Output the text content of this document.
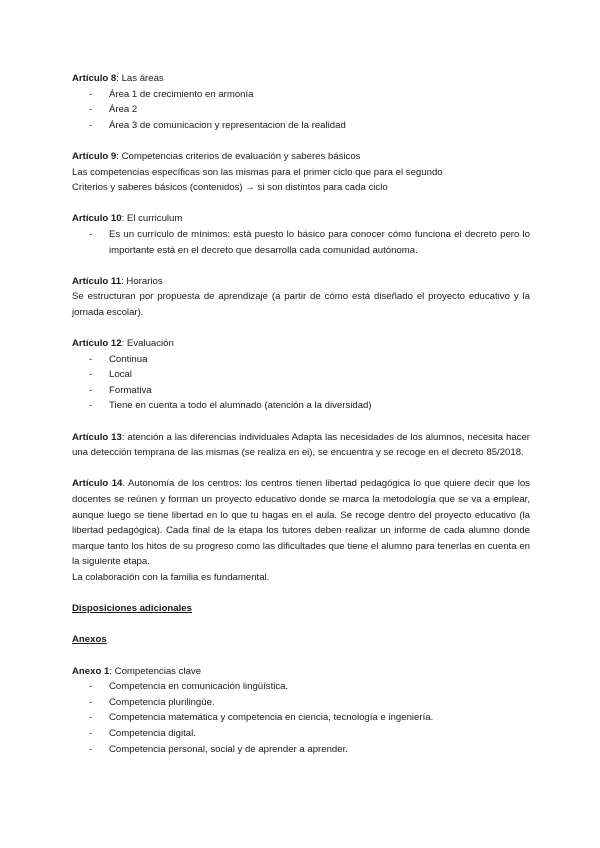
Artículo 8: Las áreas

- Área 1 de crecimiento en armonía
- Área 2
- Área 3 de comunicacion y representacion de la realidad

Artículo 9: Competencias criterios de evaluación y saberes básicos

Las competencias específicas son las mismas para el primer ciclo que para el segundo

Criterios y saberes básicos (contenidos) → si son distintos para cada ciclo

Artículo 10: El curriculum

- Es un currículo de mínimos: está puesto lo básico para conocer cómo funciona el decreto pero lo importante está en el decreto que desarrolla cada comunidad autónoma.

Artículo 11: Horarios

Se estructuran por propuesta de aprendizaje (a partir de cómo está diseñado el proyecto educativo y la jornada escolar).

Artículo 12: Evaluación

- Continua
- Local
- Formativa
- Tiene en cuenta a todo el alumnado (atención a la diversidad)

Artículo 13: atención a las diferencias individuales Adapta las necesidades de los alumnos, necesita hacer una detección temprana de las mismas (se realiza en ei), se encuentra y se recoge en el decreto 85/2018.

Artículo 14. Autonomía de los centros: los centros tienen libertad pedagógica lo que quiere decir que los docentes se reúnen y forman un proyecto educativo donde se marca la metodología que se va a emplear, aunque luego se tiene libertad en lo que tu hagas en el aula. Se recoge dentro del proyecto educativo (la libertad pedagógica). Cada final de la etapa los tutores deben realizar un informe de cada alumno donde marque tanto los hitos de su progreso como las dificultades que tiene el alumno para tenerlas en cuenta en la siguiente etapa.

La colaboración con la familia es fundamental.

Disposiciones adicionales

Anexos

Anexo 1: Competencias clave

- Competencia en comunicación lingüística.
- Competencia plurilingüe.
- Competencia matemática y competencia en ciencia, tecnología e ingeniería.
- Competencia digital.
- Competencia personal, social y de aprender a aprender.
